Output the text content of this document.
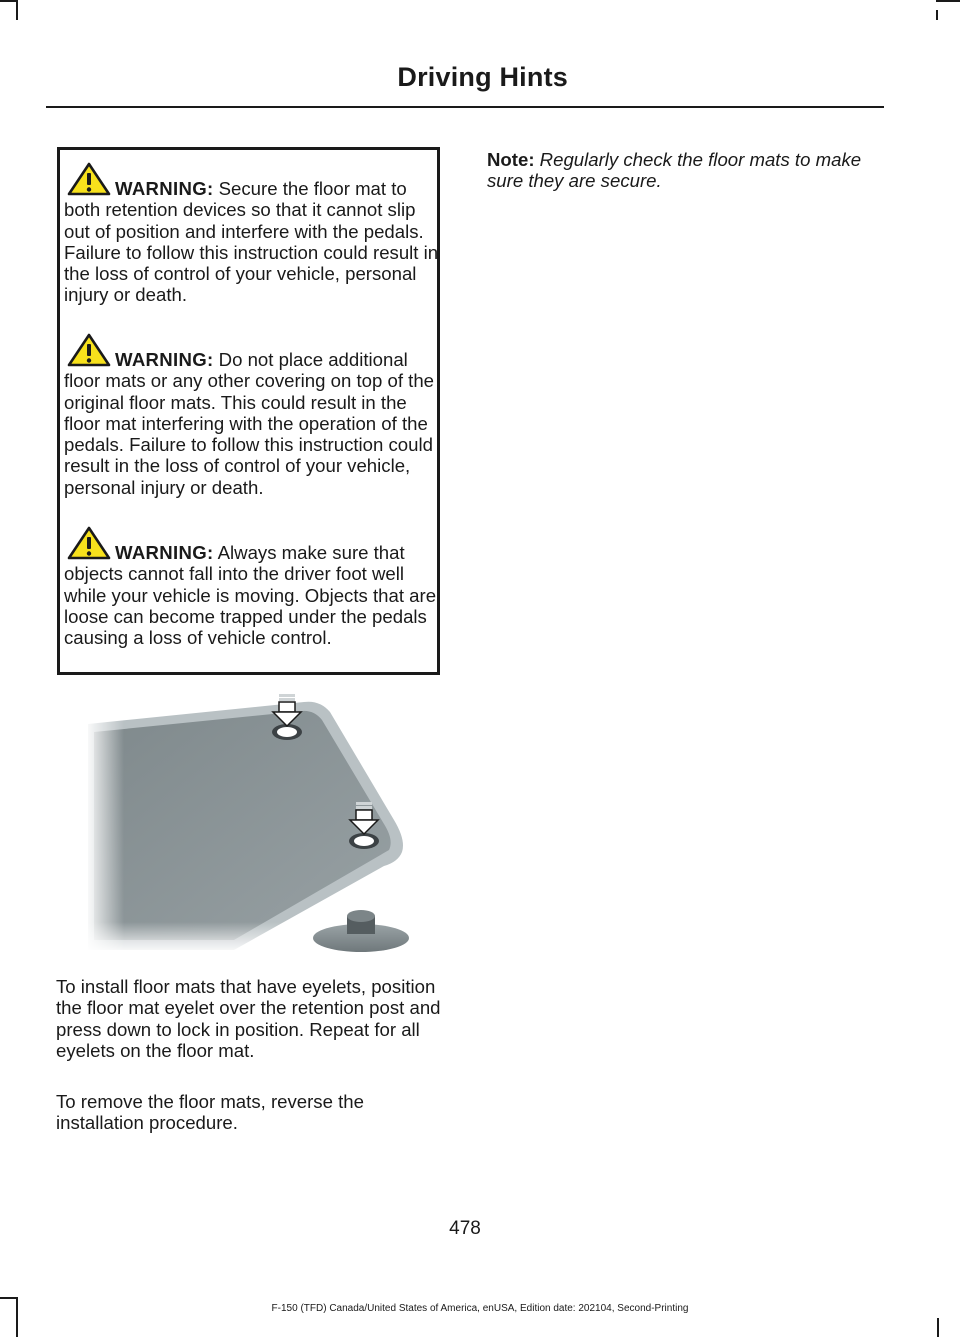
Driving Hints

WARNING: Secure the floor mat to both retention devices so that it cannot slip out of position and interfere with the pedals. Failure to follow this instruction could result in the loss of control of your vehicle, personal injury or death.

WARNING: Do not place additional floor mats or any other covering on top of the original floor mats. This could result in the floor mat interfering with the operation of the pedals. Failure to follow this instruction could result in the loss of control of your vehicle, personal injury or death.

WARNING: Always make sure that objects cannot fall into the driver foot well while your vehicle is moving. Objects that are loose can become trapped under the pedals causing a loss of vehicle control.

To install floor mats that have eyelets, position the floor mat eyelet over the retention post and press down to lock in position. Repeat for all eyelets on the floor mat.

To remove the floor mats, reverse the installation procedure.

Note: Regularly check the floor mats to make sure they are secure.

478
F-150 (TFD) Canada/United States of America, enUSA, Edition date: 202104, Second-Printing
